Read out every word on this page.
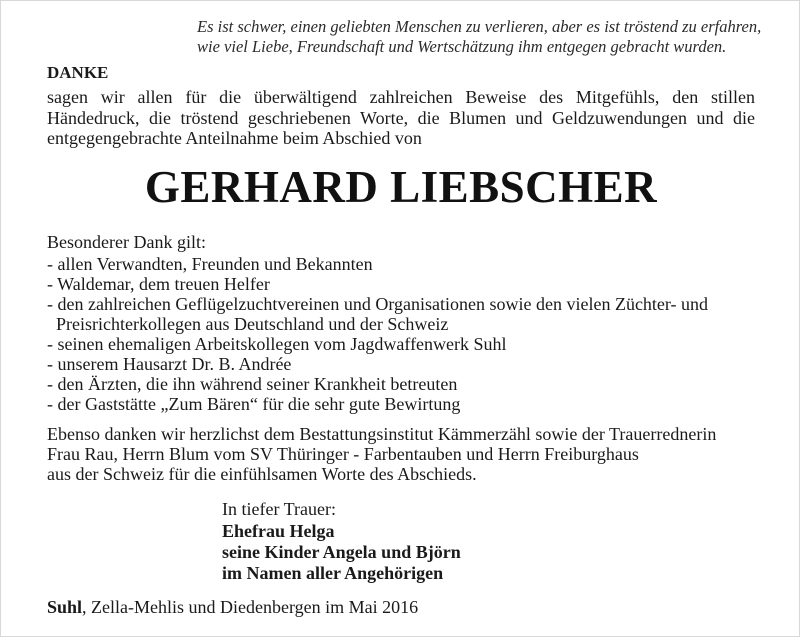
Es ist schwer, einen geliebten Menschen zu verlieren, aber es ist tröstend zu erfahren,
wie viel Liebe, Freundschaft und Wertschätzung ihm entgegen gebracht wurden.
DANKE
sagen wir allen für die überwältigend zahlreichen Beweise des Mitgefühls, den stillen
Händedruck, die tröstend geschriebenen Worte, die Blumen und Geldzuwendungen und die
entgegengebrachte Anteilnahme beim Abschied von
GERHARD LIEBSCHER
Besonderer Dank gilt:
- allen Verwandten, Freunden und Bekannten
- Waldemar, dem treuen Helfer
- den zahlreichen Geflügelzuchtvereinen und Organisationen sowie den vielen Züchter- und
Preisrichterkollegen aus Deutschland und der Schweiz
- seinen ehemaligen Arbeitskollegen vom Jagdwaffenwerk Suhl
- unserem Hausarzt Dr. B. Andrée
- den Ärzten, die ihn während seiner Krankheit betreuten
- der Gaststätte „Zum Bären“ für die sehr gute Bewirtung
Ebenso danken wir herzlichst dem Bestattungsinstitut Kämmerzähl sowie der Trauerrednerin
Frau Rau, Herrn Blum vom SV Thüringer - Farbentauben und Herrn Freiburghaus
aus der Schweiz für die einfühlsamen Worte des Abschieds.
In tiefer Trauer:
Ehefrau Helga
seine Kinder Angela und Björn
im Namen aller Angehörigen
Suhl, Zella-Mehlis und Diedenbergen im Mai 2016
